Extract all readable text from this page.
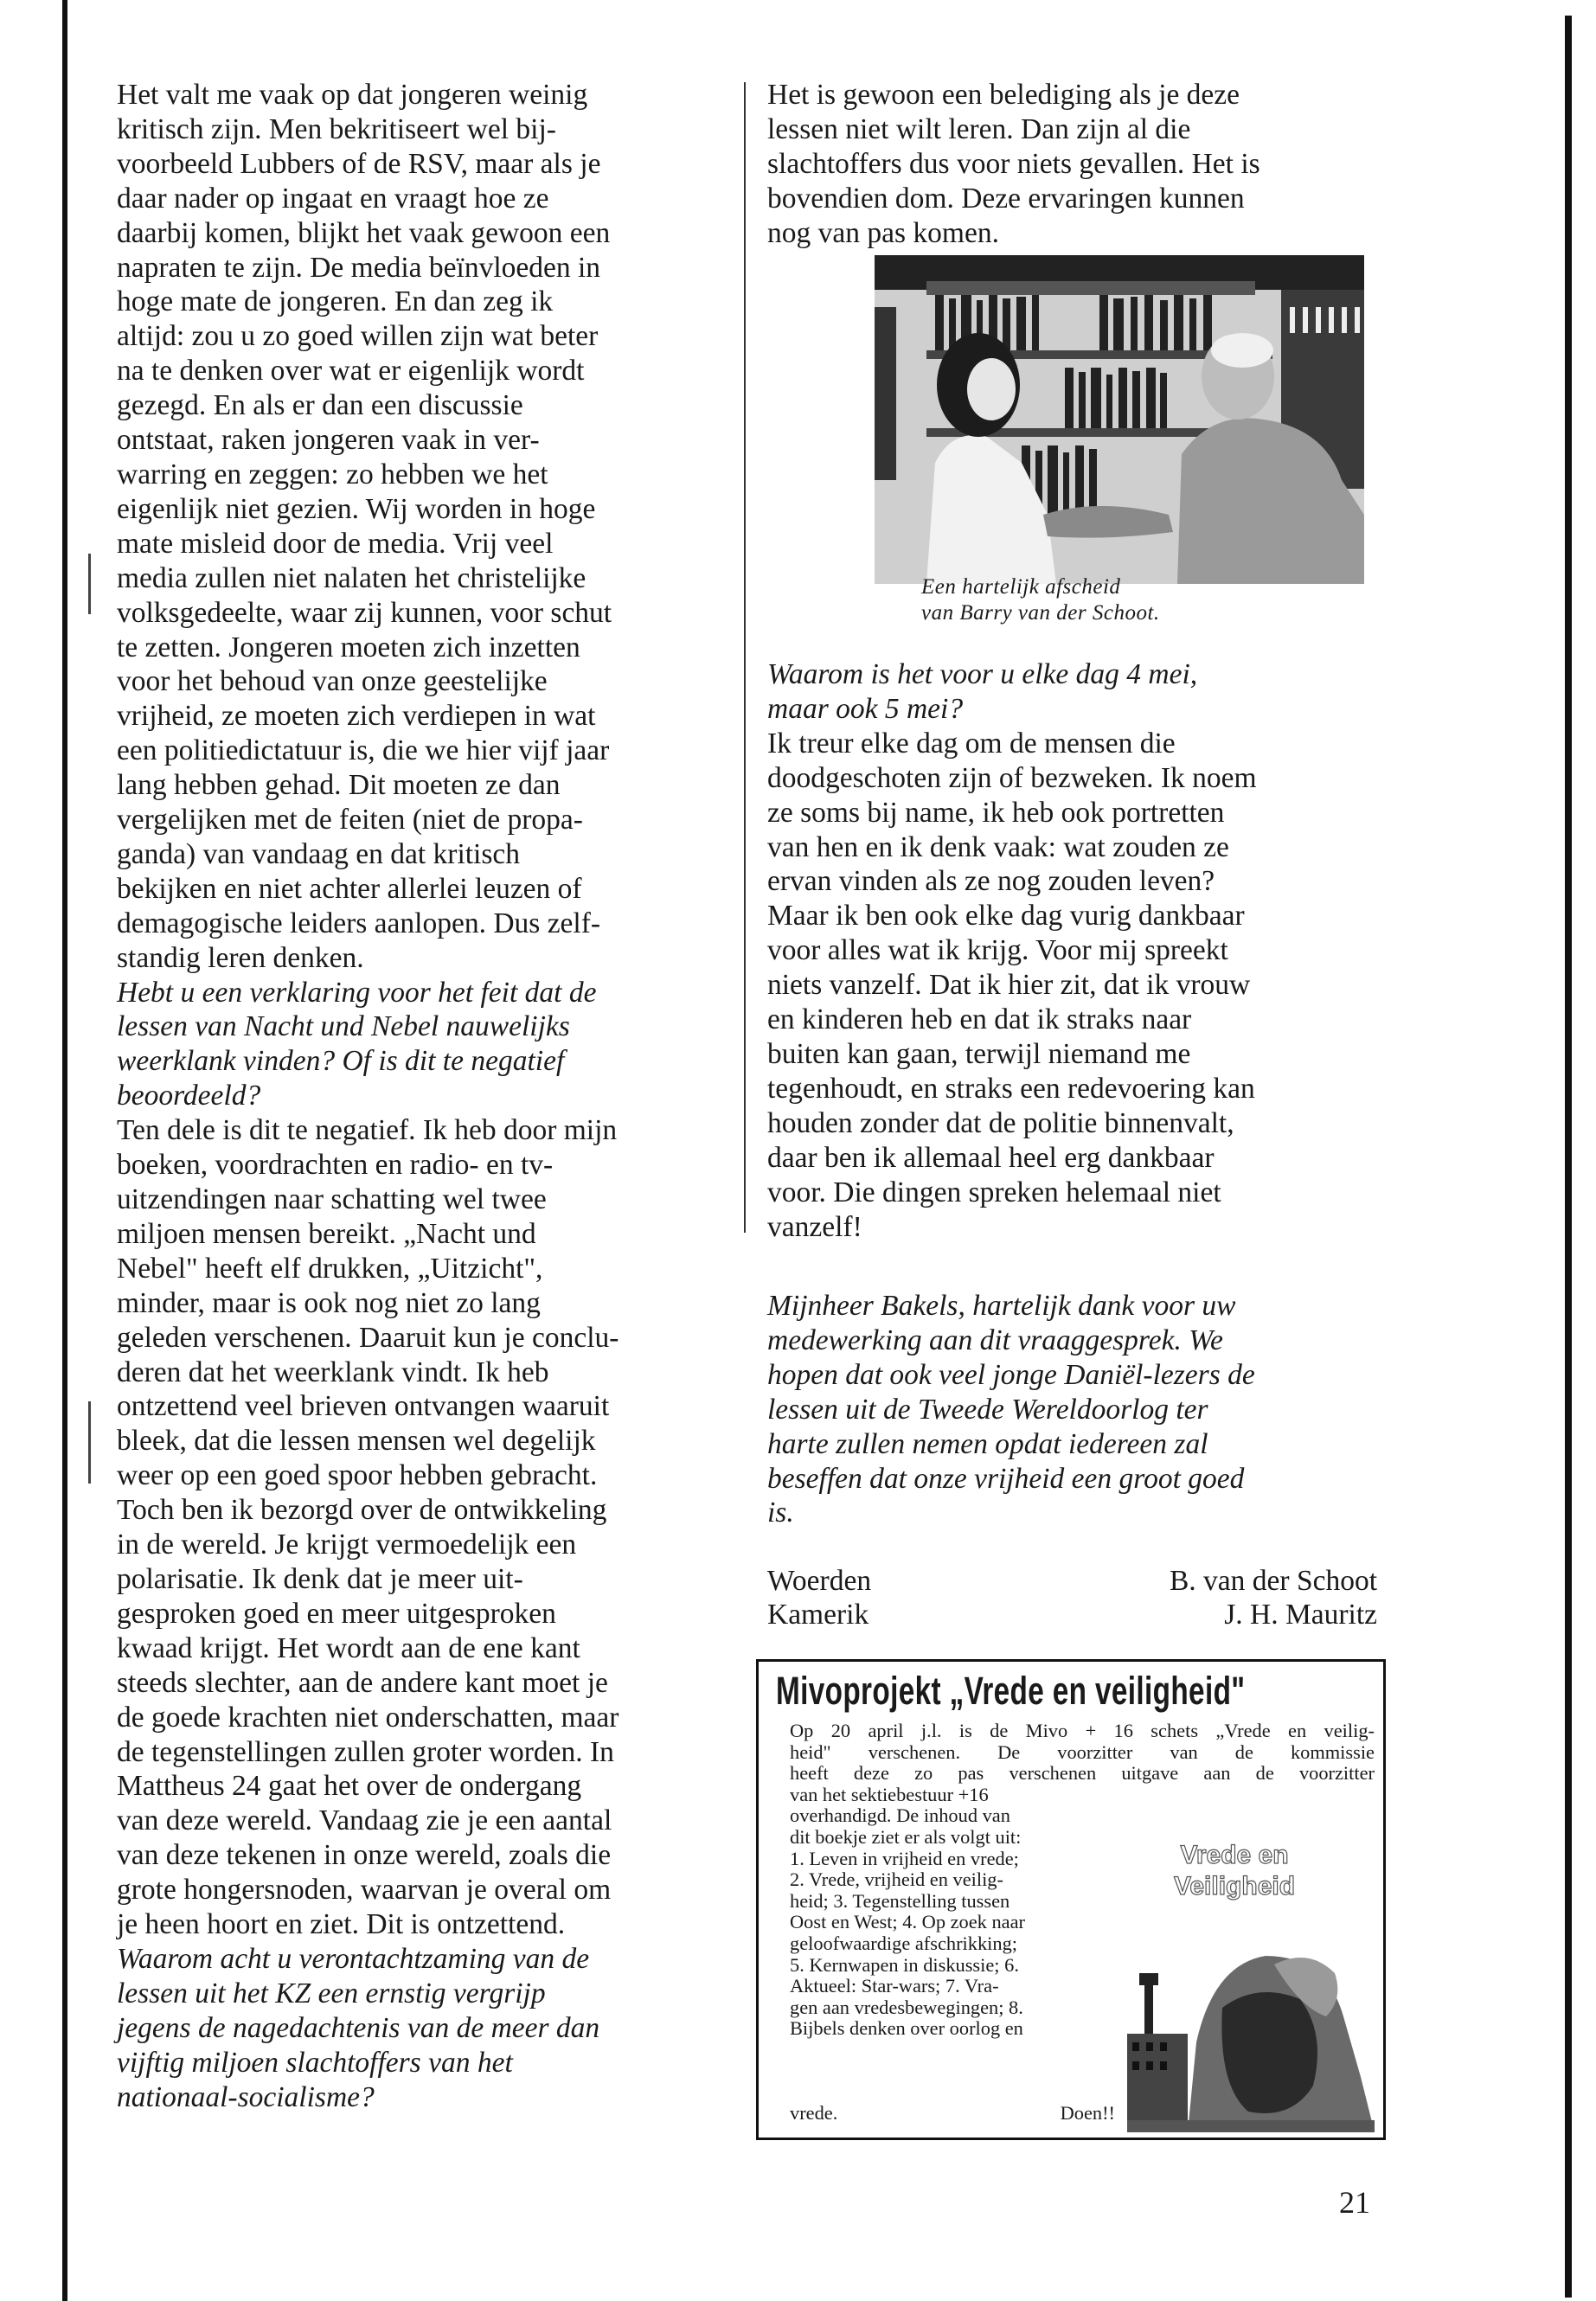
Het valt me vaak op dat jongeren weinig
kritisch zijn. Men bekritiseert wel bij-
voorbeeld Lubbers of de RSV, maar als je
daar nader op ingaat en vraagt hoe ze
daarbij komen, blijkt het vaak gewoon een
napraten te zijn. De media beïnvloeden in
hoge mate de jongeren. En dan zeg ik
altijd: zou u zo goed willen zijn wat beter
na te denken over wat er eigenlijk wordt
gezegd. En als er dan een discussie
ontstaat, raken jongeren vaak in ver-
warring en zeggen: zo hebben we het
eigenlijk niet gezien. Wij worden in hoge
mate misleid door de media. Vrij veel
media zullen niet nalaten het christelijke
volksgedeelte, waar zij kunnen, voor schut
te zetten. Jongeren moeten zich inzetten
voor het behoud van onze geestelijke
vrijheid, ze moeten zich verdiepen in wat
een politiedictatuur is, die we hier vijf jaar
lang hebben gehad. Dit moeten ze dan
vergelijken met de feiten (niet de propa-
ganda) van vandaag en dat kritisch
bekijken en niet achter allerlei leuzen of
demagogische leiders aanlopen. Dus zelf-
standig leren denken.

Hebt u een verklaring voor het feit dat de
lessen van Nacht und Nebel nauwelijks
weerklank vinden? Of is dit te negatief
beoordeeld?

Ten dele is dit te negatief. Ik heb door mijn
boeken, voordrachten en radio- en tv-
uitzendingen naar schatting wel twee
miljoen mensen bereikt. „Nacht und
Nebel" heeft elf drukken, „Uitzicht",
minder, maar is ook nog niet zo lang
geleden verschenen. Daaruit kun je conclu-
deren dat het weerklank vindt. Ik heb
ontzettend veel brieven ontvangen waaruit
bleek, dat die lessen mensen wel degelijk
weer op een goed spoor hebben gebracht.
Toch ben ik bezorgd over de ontwikkeling
in de wereld. Je krijgt vermoedelijk een
polarisatie. Ik denk dat je meer uit-
gesproken goed en meer uitgesproken
kwaad krijgt. Het wordt aan de ene kant
steeds slechter, aan de andere kant moet je
de goede krachten niet onderschatten, maar
de tegenstellingen zullen groter worden. In
Mattheus 24 gaat het over de ondergang
van deze wereld. Vandaag zie je een aantal
van deze tekenen in onze wereld, zoals die
grote hongersnoden, waarvan je overal om
je heen hoort en ziet. Dit is ontzettend.

Waarom acht u verontachtzaming van de
lessen uit het KZ een ernstig vergrijp
jegens de nagedachtenis van de meer dan
vijftig miljoen slachtoffers van het
nationaal-socialisme?

Het is gewoon een belediging als je deze
lessen niet wilt leren. Dan zijn al die
slachtoffers dus voor niets gevallen. Het is
bovendien dom. Deze ervaringen kunnen
nog van pas komen.

Een hartelijk afscheid
van Barry van der Schoot.

Waarom is het voor u elke dag 4 mei,
maar ook 5 mei?

Ik treur elke dag om de mensen die
doodgeschoten zijn of bezweken. Ik noem
ze soms bij name, ik heb ook portretten
van hen en ik denk vaak: wat zouden ze
ervan vinden als ze nog zouden leven?
Maar ik ben ook elke dag vurig dankbaar
voor alles wat ik krijg. Voor mij spreekt
niets vanzelf. Dat ik hier zit, dat ik vrouw
en kinderen heb en dat ik straks naar
buiten kan gaan, terwijl niemand me
tegenhoudt, en straks een redevoering kan
houden zonder dat de politie binnenvalt,
daar ben ik allemaal heel erg dankbaar
voor. Die dingen spreken helemaal niet
vanzelf!

Mijnheer Bakels, hartelijk dank voor uw
medewerking aan dit vraaggesprek. We
hopen dat ook veel jonge Daniël-lezers de
lessen uit de Tweede Wereldoorlog ter
harte zullen nemen opdat iedereen zal
beseffen dat onze vrijheid een groot goed
is.

Woerden	B. van der Schoot
Kamerik	J. H. Mauritz
Mivoprojekt „Vrede en veiligheid"
Op 20 april j.l. is de Mivo + 16 schets „Vrede en veilig-
heid" verschenen. De voorzitter van de kommissie
heeft deze zo pas verschenen uitgave aan de voorzitter
van het sektiebestuur +16
overhandigd. De inhoud van
dit boekje ziet er als volgt uit:
1. Leven in vrijheid en vrede;
2. Vrede, vrijheid en veilig-
heid; 3. Tegenstelling tussen
Oost en West; 4. Op zoek naar
geloofwaardige afschrikking;
5. Kernwapen in diskussie; 6.
Aktueel: Star-wars; 7. Vra-
gen aan vredesbewegingen; 8.
Bijbels denken over oorlog en
vrede.	Doen!!
Vrede en
Veiligheid
21
